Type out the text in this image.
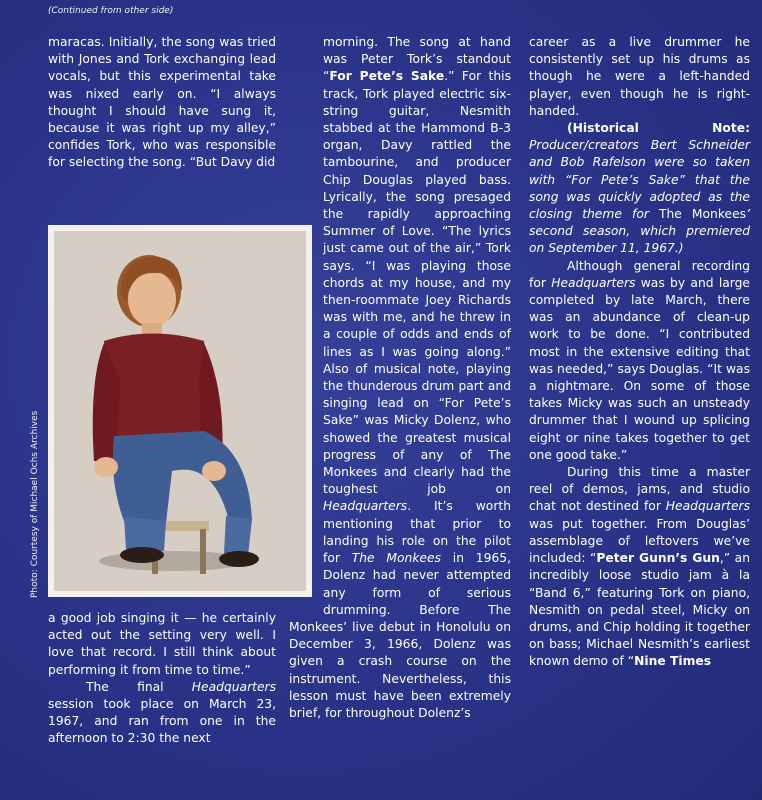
(Continued from other side)

maracas. Initially, the song was tried with Jones and Tork exchanging lead vocals, but this experimental take was nixed early on. “I always thought I should have sung it, because it was right up my alley,” confides Tork, who was responsible for selecting the song. “But Davy did

Photo: Courtesy of Michael Ochs Archives

a good job singing it — he certainly acted out the setting very well. I love that record. I still think about performing it from time to time.”

The final Headquarters session took place on March 23, 1967, and ran from one in the afternoon to 2:30 the next

morning. The song at hand was Peter Tork’s standout “For Pete’s Sake.” For this track, Tork played electric six-string guitar, Nesmith stabbed at the Hammond B-3 organ, Davy rattled the tambourine, and producer Chip Douglas played bass. Lyrically, the song presaged the rapidly approaching Summer of Love. “The lyrics just came out of the air,” Tork says. “I was playing those chords at my house, and my then-roommate Joey Richards was with me, and he threw in a couple of odds and ends of lines as I was going along.” Also of musical note, playing the thunderous drum part and singing lead on “For Pete’s Sake” was Micky Dolenz, who showed the greatest musical progress of any of The Monkees and clearly had the toughest job on Headquarters. It’s worth mentioning that prior to landing his role on the pilot for The Monkees in 1965, Dolenz had never attempted any form of serious drumming. Before The Monkees’ live debut in Honolulu on December 3, 1966, Dolenz was given a crash course on the instrument. Nevertheless, this lesson must have been extremely brief, for throughout Dolenz’s

career as a live drummer he consistently set up his drums as though he were a left-handed player, even though he is right-handed.

(Historical Note: Producer/creators Bert Schneider and Bob Rafelson were so taken with “For Pete’s Sake” that the song was quickly adopted as the closing theme for The Monkees’ second season, which premiered on September 11, 1967.)

Although general recording for Headquarters was by and large completed by late March, there was an abundance of clean-up work to be done. “I contributed most in the extensive editing that was needed,” says Douglas. “It was a nightmare. On some of those takes Micky was such an unsteady drummer that I wound up splicing eight or nine takes together to get one good take.”

During this time a master reel of demos, jams, and studio chat not destined for Headquarters was put together. From Douglas’ assemblage of leftovers we’ve included: “Peter Gunn’s Gun,” an incredibly loose studio jam à la “Band 6,” featuring Tork on piano, Nesmith on pedal steel, Micky on drums, and Chip holding it together on bass; Michael Nesmith’s earliest known demo of “Nine Times
